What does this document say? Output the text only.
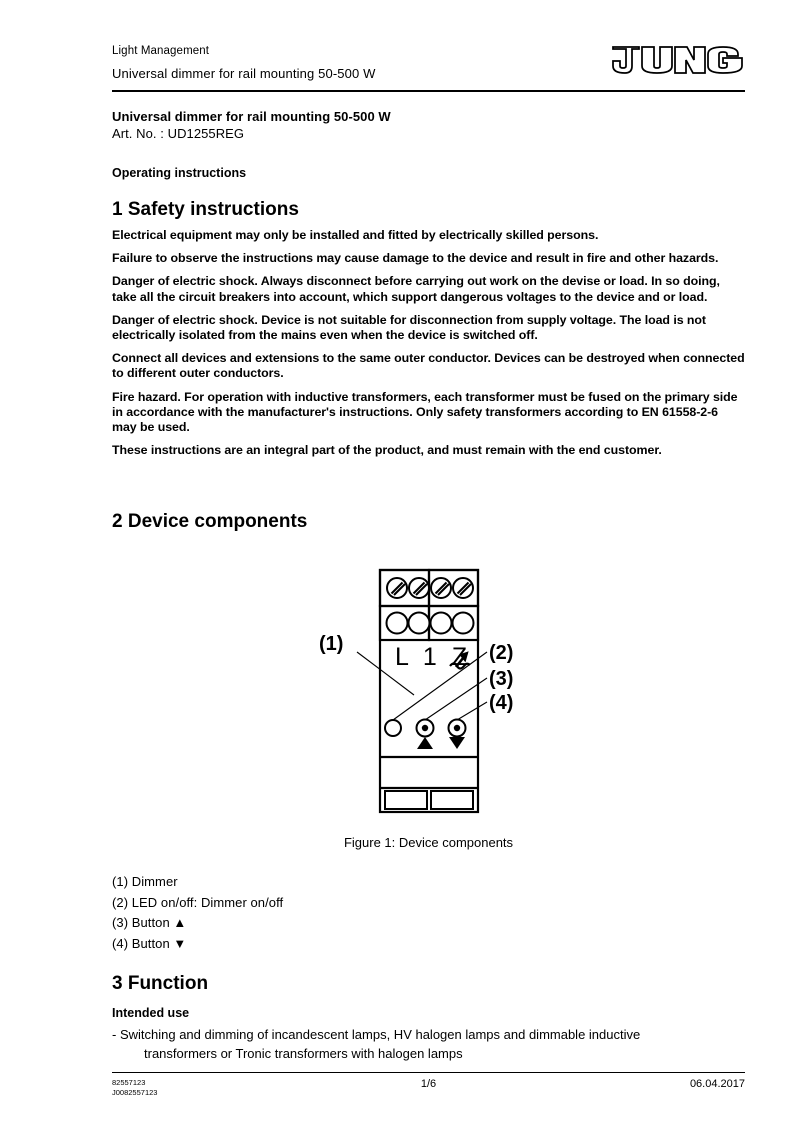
Light Management
Universal dimmer for rail mounting 50-500 W
Universal dimmer for rail mounting 50-500 W
Art. No. : UD1255REG
Operating instructions
1 Safety instructions

Electrical equipment may only be installed and fitted by electrically skilled persons.

Failure to observe the instructions may cause damage to the device and result in fire and other hazards.

Danger of electric shock. Always disconnect before carrying out work on the devise or load. In so doing, take all the circuit breakers into account, which support dangerous voltages to the device and or load.

Danger of electric shock. Device is not suitable for disconnection from supply voltage. The load is not electrically isolated from the mains even when the device is switched off.

Connect all devices and extensions to the same outer conductor. Devices can be destroyed when connected to different outer conductors.

Fire hazard. For operation with inductive transformers, each transformer must be fused on the primary side in accordance with the manufacturer's instructions. Only safety transformers according to EN 61558-2-6 may be used.

These instructions are an integral part of the product, and must remain with the end customer.

2 Device components
L 1 Z
(1)	(2)
(3)
(4)
Figure 1: Device components
(1) Dimmer
(2) LED on/off: Dimmer on/off
(3) Button ▲
(4) Button ▼
3 Function
Intended use
- Switching and dimming of incandescent lamps, HV halogen lamps and dimmable inductive
transformers or Tronic transformers with halogen lamps
82557123
J0082557123
1/6	06.04.2017
